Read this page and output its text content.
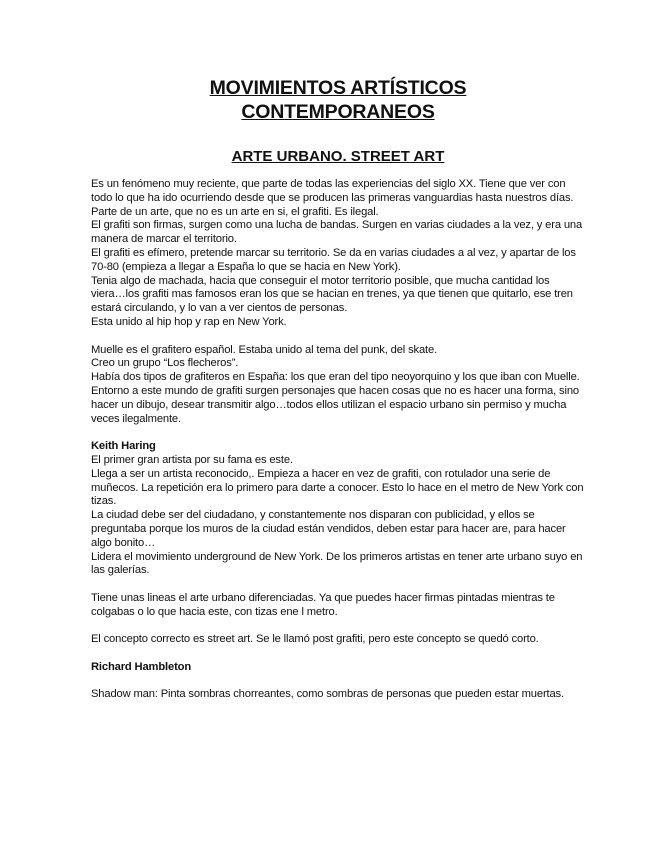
MOVIMIENTOS ARTÍSTICOS
CONTEMPORANEOS
ARTE URBANO. STREET ART

Es un fenómeno muy reciente, que parte de todas las experiencias del siglo XX. Tiene que ver con todo lo que ha ido ocurriendo desde que se producen las primeras vanguardias hasta nuestros días.

Parte de un arte, que no es un arte en si, el grafiti. Es ilegal.

El grafiti son firmas, surgen como una lucha de bandas. Surgen en varias ciudades a la vez, y era una manera de marcar el territorio.

El grafiti es efímero, pretende marcar su territorio. Se da en varias ciudades a al vez, y apartar de los 70-80 (empieza a llegar a España lo que se hacia en New York).

Tenia algo de machada, hacia que conseguir el motor territorio posible, que mucha cantidad los viera…los grafiti mas famosos eran los que se hacian en trenes, ya que tienen que quitarlo, ese tren estará circulando, y lo van a ver cientos de personas.

Esta unido al hip hop y rap en New York.

Muelle es el grafitero español. Estaba unido al tema del punk, del skate.

Creo un grupo “Los flecheros”.

Había dos tipos de grafiteros en España: los que eran del tipo neoyorquino y los que iban con Muelle. Entorno a este mundo de grafiti surgen personajes que hacen cosas que no es hacer una forma, sino hacer un dibujo, desear transmitir algo…todos ellos utilizan el espacio urbano sin permiso y mucha veces ilegalmente.

Keith Haring

El primer gran artista por su fama es este.

Llega a ser un artista reconocido,. Empieza a hacer en vez de grafiti, con rotulador una serie de muñecos. La repetición era lo primero para darte a conocer. Esto lo hace en el metro de New York con tizas.

La ciudad debe ser del ciudadano, y constantemente nos disparan con publicidad, y ellos se preguntaba porque los muros de la ciudad están vendidos, deben estar para hacer are, para hacer algo bonito…

Lidera el movimiento underground de New York. De los primeros artistas en tener arte urbano suyo en las galerías.

Tiene unas lineas el arte urbano diferenciadas. Ya que puedes hacer firmas pintadas mientras te colgabas o lo que hacia este, con tizas ene l metro.

El concepto correcto es street art. Se le llamó post grafiti, pero este concepto se quedó corto.

Richard Hambleton

Shadow man: Pinta sombras chorreantes, como sombras de personas que pueden estar muertas.
